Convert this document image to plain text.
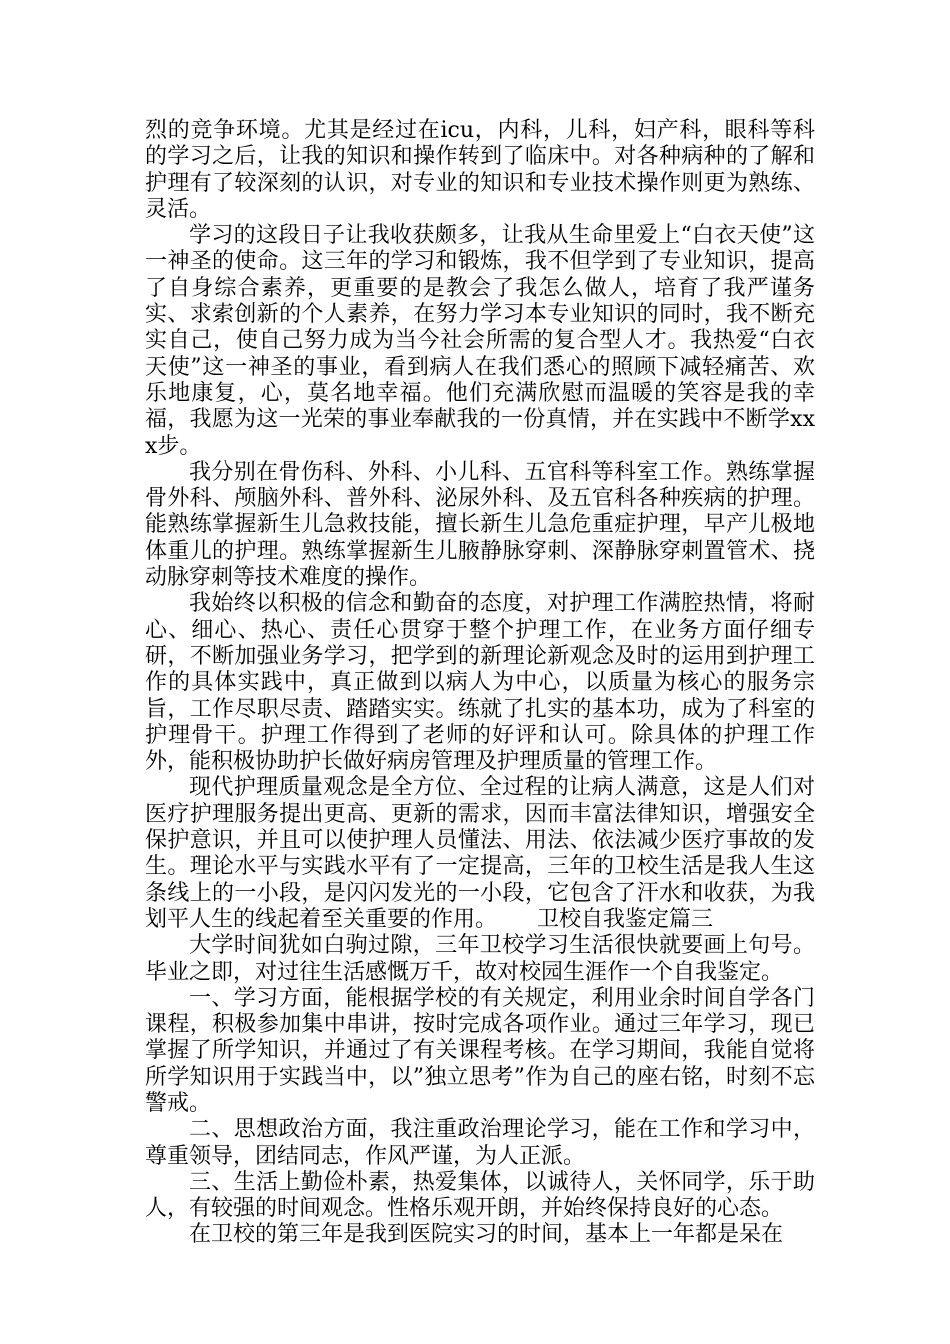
烈的竞争环境。尤其是经过在icu，内科，儿科，妇产科，眼科等科的学习之后，让我的知识和操作转到了临床中。对各种病种的了解和护理有了较深刻的认识，对专业的知识和专业技术操作则更为熟练、灵活。

学习的这段日子让我收获颇多，让我从生命里爱上“白衣天使”这一神圣的使命。这三年的学习和锻炼，我不但学到了专业知识，提高了自身综合素养，更重要的是教会了我怎么做人，培育了我严谨务实、求索创新的个人素养，在努力学习本专业知识的同时，我不断充实自己，使自己努力成为当今社会所需的复合型人才。我热爱“白衣天使”这一神圣的事业，看到病人在我们悉心的照顾下减轻痛苦、欢乐地康复，心，莫名地幸福。他们充满欣慰而温暖的笑容是我的幸福，我愿为这一光荣的事业奉献我的一份真情，并在实践中不断学xxx步。

我分别在骨伤科、外科、小儿科、五官科等科室工作。熟练掌握骨外科、颅脑外科、普外科、泌尿外科、及五官科各种疾病的护理。能熟练掌握新生儿急救技能，擅长新生儿急危重症护理，早产儿极地体重儿的护理。熟练掌握新生儿腋静脉穿刺、深静脉穿刺置管术、挠动脉穿刺等技术难度的操作。

我始终以积极的信念和勤奋的态度，对护理工作满腔热情，将耐心、细心、热心、责任心贯穿于整个护理工作，在业务方面仔细专研，不断加强业务学习，把学到的新理论新观念及时的运用到护理工作的具体实践中，真正做到以病人为中心，以质量为核心的服务宗旨，工作尽职尽责、踏踏实实。练就了扎实的基本功，成为了科室的护理骨干。护理工作得到了老师的好评和认可。除具体的护理工作外，能积极协助护长做好病房管理及护理质量的管理工作。

现代护理质量观念是全方位、全过程的让病人满意，这是人们对医疗护理服务提出更高、更新的需求，因而丰富法律知识，增强安全保护意识，并且可以使护理人员懂法、用法、依法减少医疗事故的发生。理论水平与实践水平有了一定提高，三年的卫校生活是我人生这条线上的一小段，是闪闪发光的一小段，它包含了汗水和收获，为我划平人生的线起着至关重要的作用。 卫校自我鉴定篇三

大学时间犹如白驹过隙，三年卫校学习生活很快就要画上句号。毕业之即，对过往生活感慨万千，故对校园生涯作一个自我鉴定。

一、学习方面，能根据学校的有关规定，利用业余时间自学各门课程，积极参加集中串讲，按时完成各项作业。通过三年学习，现已掌握了所学知识，并通过了有关课程考核。在学习期间，我能自觉将所学知识用于实践当中，以”独立思考”作为自己的座右铭，时刻不忘警戒。

二、思想政治方面，我注重政治理论学习，能在工作和学习中，尊重领导，团结同志，作风严谨，为人正派。

三、生活上勤俭朴素，热爱集体，以诚待人，关怀同学，乐于助人，有较强的时间观念。性格乐观开朗，并始终保持良好的心态。

在卫校的第三年是我到医院实习的时间，基本上一年都是呆在
